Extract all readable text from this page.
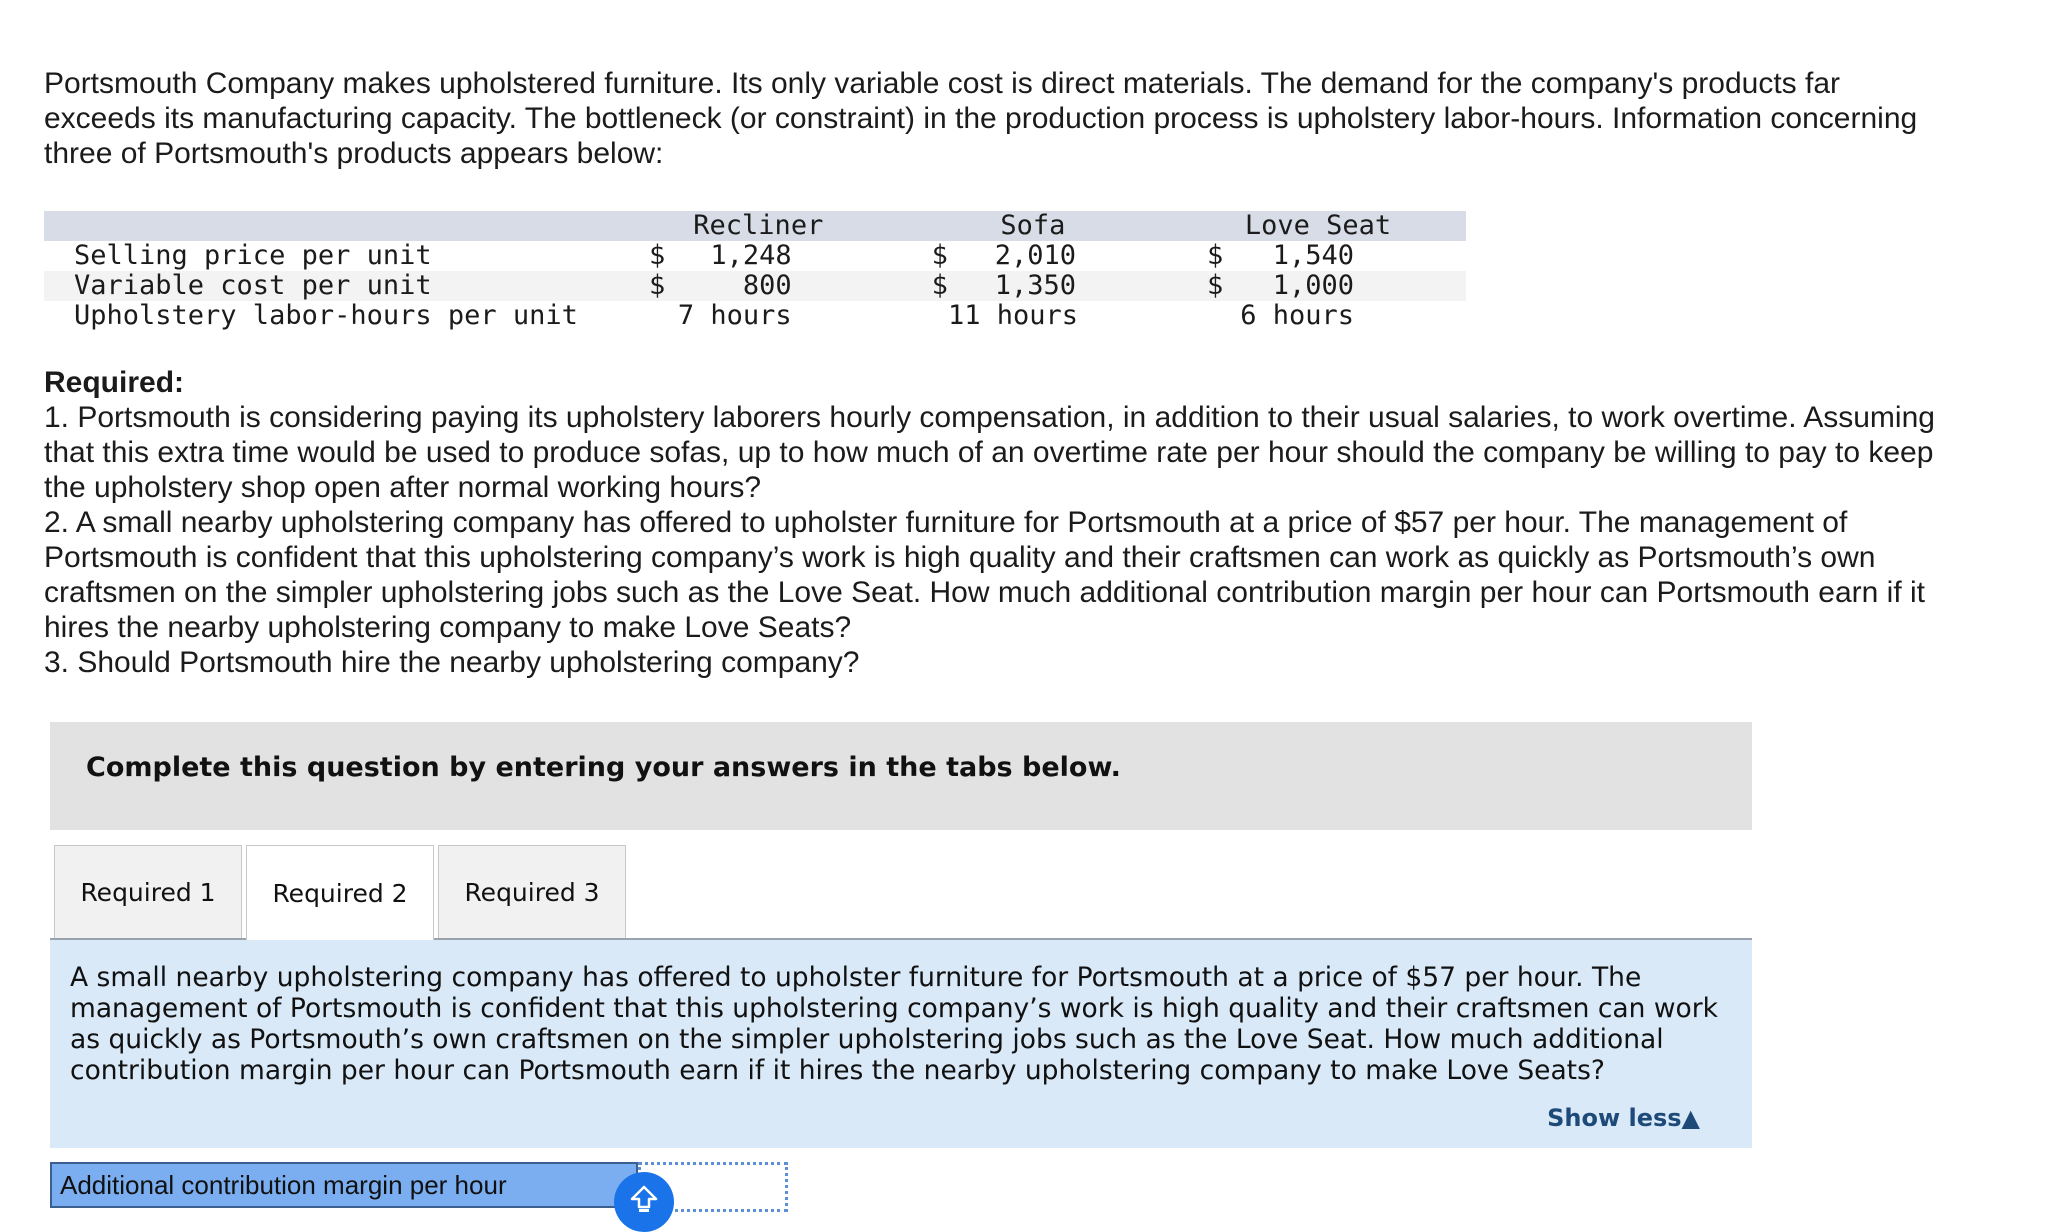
Portsmouth Company makes upholstered furniture. Its only variable cost is direct materials. The demand for the company's products far exceeds its manufacturing capacity. The bottleneck (or constraint) in the production process is upholstery labor-hours. Information concerning three of Portsmouth's products appears below:

	Recliner	Sofa	Love Seat
Selling price per unit	$ 1,248	$ 2,010	$ 1,540

Variable cost per unit	$ 800	$ 1,350	$ 1,000

Upholstery labor-hours per unit	7 hours	11 hours	6 hours
Required:

1. Portsmouth is considering paying its upholstery laborers hourly compensation, in addition to their usual salaries, to work overtime. Assuming that this extra time would be used to produce sofas, up to how much of an overtime rate per hour should the company be willing to pay to keep the upholstery shop open after normal working hours?

2. A small nearby upholstering company has offered to upholster furniture for Portsmouth at a price of $57 per hour. The management of Portsmouth is confident that this upholstering company’s work is high quality and their craftsmen can work as quickly as Portsmouth’s own craftsmen on the simpler upholstering jobs such as the Love Seat. How much additional contribution margin per hour can Portsmouth earn if it hires the nearby upholstering company to make Love Seats?

3. Should Portsmouth hire the nearby upholstering company?

Complete this question by entering your answers in the tabs below.
Required 1 Required 2 Required 3

A small nearby upholstering company has offered to upholster furniture for Portsmouth at a price of $57 per hour. The management of Portsmouth is confident that this upholstering company’s work is high quality and their craftsmen can work as quickly as Portsmouth’s own craftsmen on the simpler upholstering jobs such as the Love Seat. How much additional contribution margin per hour can Portsmouth earn if it hires the nearby upholstering company to make Love Seats?

Show less▲
Additional contribution margin per hour
